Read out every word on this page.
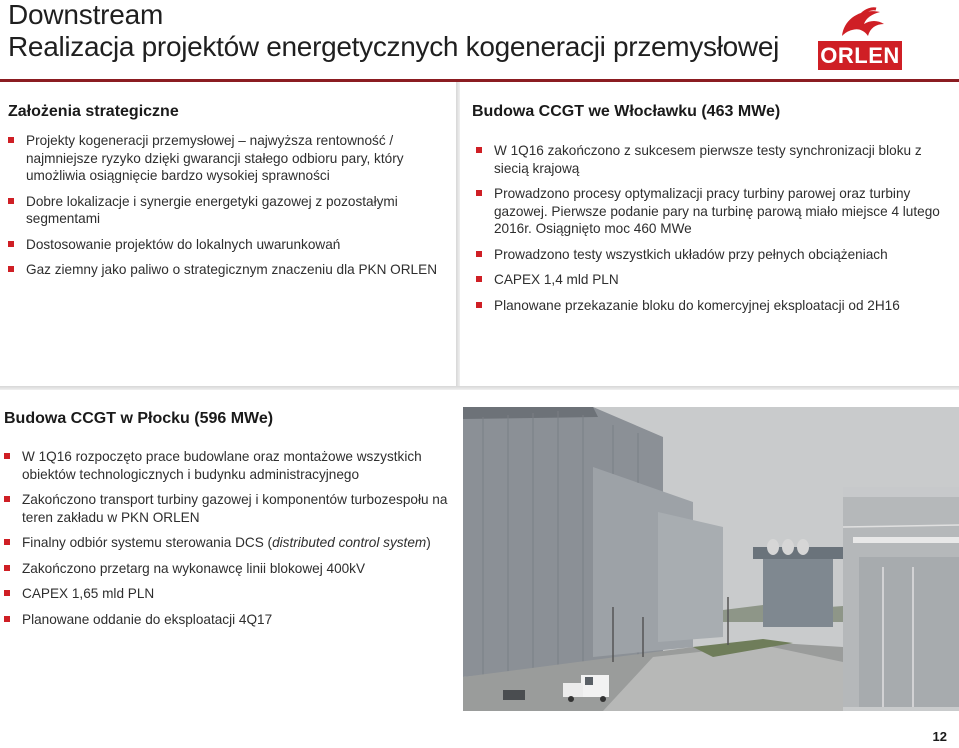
Downstream
Realizacja projektów energetycznych kogeneracji przemysłowej ORLEN
Założenia strategiczne
Projekty kogeneracji przemysłowej – najwyższa rentowność / najmniejsze ryzyko dzięki gwarancji stałego odbioru pary, który umożliwia osiągnięcie bardzo wysokiej sprawności
Dobre lokalizacje i synergie energetyki gazowej z pozostałymi segmentami
Dostosowanie projektów do lokalnych uwarunkowań
Gaz ziemny jako paliwo o strategicznym znaczeniu dla PKN ORLEN
Budowa CCGT we Włocławku (463 MWe)
W 1Q16 zakończono z sukcesem pierwsze testy synchronizacji bloku z siecią krajową
Prowadzono procesy optymalizacji pracy turbiny parowej oraz turbiny gazowej. Pierwsze podanie pary na turbinę parową miało miejsce 4 lutego 2016r. Osiągnięto moc 460 MWe
Prowadzono testy wszystkich układów przy pełnych obciążeniach
CAPEX 1,4 mld PLN
Planowane przekazanie bloku do komercyjnej eksploatacji od 2H16
Budowa CCGT w Płocku (596 MWe)
W 1Q16 rozpoczęto prace budowlane oraz montażowe wszystkich obiektów technologicznych i budynku administracyjnego
Zakończono transport turbiny gazowej i komponentów turbozespołu na teren zakładu w PKN ORLEN
Finalny odbiór systemu sterowania DCS (distributed control system)
Zakończono przetarg na wykonawcę linii blokowej 400kV
CAPEX 1,65 mld PLN
Planowane oddanie do eksploatacji 4Q17
12
